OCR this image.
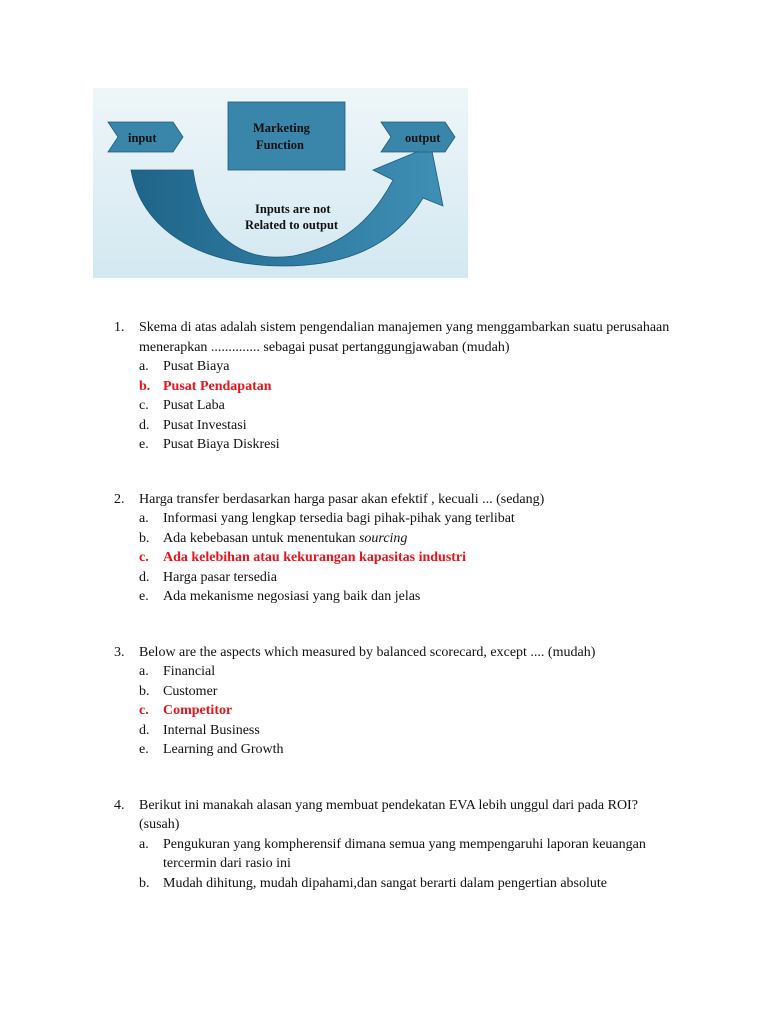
input
Marketing
Function	output
Inputs are not
Related to output
1.	Skema di atas adalah sistem pengendalian manajemen yang menggambarkan suatu perusahaan menerapkan .............. sebagai pusat pertanggungjawaban (mudah)
a.	Pusat Biaya
b. Pusat Pendapatan
c.	Pusat Laba
d. Pusat Investasi
e.	Pusat Biaya Diskresi
2.	Harga transfer berdasarkan harga pasar akan efektif , kecuali ... (sedang)
a.	Informasi yang lengkap tersedia bagi pihak-pihak yang terlibat
b. Ada kebebasan untuk menentukan sourcing
c.	Ada kelebihan atau kekurangan kapasitas industri
d. Harga pasar tersedia
e.	Ada mekanisme negosiasi yang baik dan jelas
3.	Below are the aspects which measured by balanced scorecard, except .... (mudah)
a.	Financial
b. Customer
c.	Competitor
d. Internal Business
e.	Learning and Growth
4.	Berikut ini manakah alasan yang membuat pendekatan EVA lebih unggul dari pada ROI?(susah)
a.	Pengukuran yang kompherensif dimana semua yang mempengaruhi laporan keuangan tercermin dari rasio ini
b. Mudah dihitung, mudah dipahami,dan sangat berarti dalam pengertian absolute
